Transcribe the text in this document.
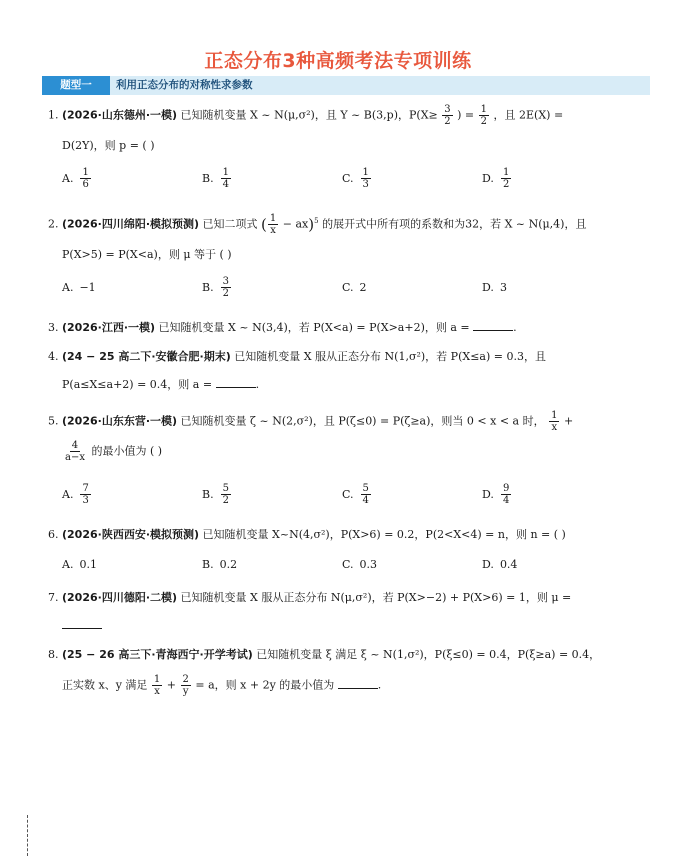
正态分布3种高频考法专项训练
题型一	利用正态分布的对称性求参数
1. (2026·山东德州·一模) 已知随机变量 X ~ N(μ,σ²)，且 Y ~ B(3,p)，$P(X\ge \frac{3}{2}$ ) = $\frac{1}{2}$ ，且 2E(X) =
D(2Y)，则 p = ( )
A. $\frac{1}{6}$	B. $\frac{1}{4}$	C. $\frac{1}{3}$	D. $\frac{1}{2}$
2. (2026·四川绵阳·模拟预测) 已知二项式 ( $\frac{1}{x} - ax)^5$ 的展开式中所有项的系数和为32，若 X ~ N(μ,4)，且
P(X>5) = P(X<a)，则 μ 等于 ( )
A. −1	B. $\frac{3}{2}$	C. 2	D. 3
3. (2026·江西·一模) 已知随机变量 X ~ N(3,4)，若 P(X<a) = P(X>a+2)，则 a =	.
4. (24 − 25 高二下·安徽合肥·期末) 已知随机变量 X 服从正态分布 N(1,σ²)，若 P(X≤a) = 0.3，且
P(a≤X≤a+2) = 0.4，则 a =	.
5. (2026·山东东营·一模) 已知随机变量 ζ ~ N(2,σ²)，且 P(ζ≤0) = P(ζ≥a)，则当 0 < x < a 时， $\frac{1}{x}$ +
$\frac{4}{a-x}$ 的最小值为 ( )
A. $\frac{7}{3}$	B. $\frac{5}{2}$	C. $\frac{5}{4}$	D. $\frac{9}{4}$
6. (2026·陕西西安·模拟预测) 已知随机变量 X~N(4,σ²)，P(X>6) = 0.2，P(2<X<4) = n，则 n = ( )
A. 0.1	B. 0.2	C. 0.3	D. 0.4
7. (2026·四川德阳·二模) 已知随机变量 X 服从正态分布 N(μ,σ²)，若 P(X>−2) + P(X>6) = 1，则 μ =
8. (25 − 26 高三下·青海西宁·开学考试) 已知随机变量 ξ 满足 ξ ~ N(1,σ²)，P(ξ≤0) = 0.4，P(ξ≥a) = 0.4，
正实数 x、y 满足 $\frac{1}{x} + \frac{2}{y} = a$，则 x + 2y 的最小值为	.
